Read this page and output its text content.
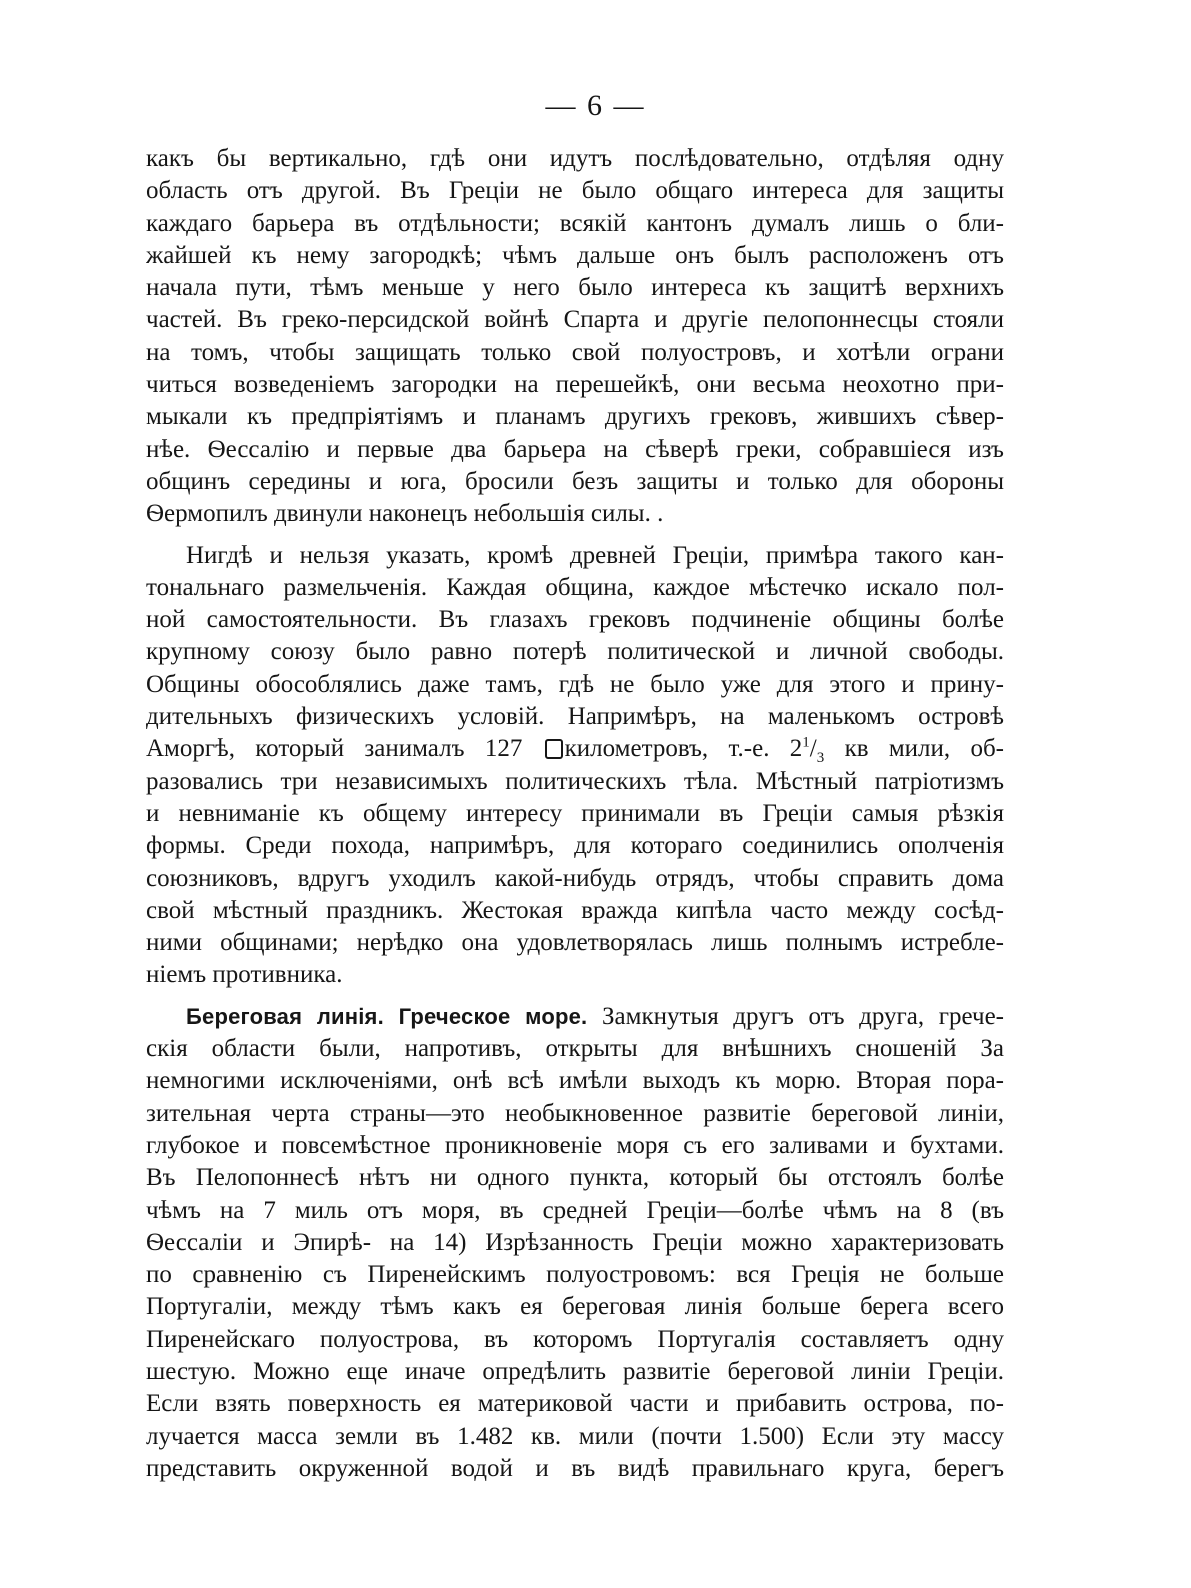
— 6 —
какъ бы вертикально, гдѣ они идутъ послѣдовательно, отдѣляя одну
область отъ другой. Въ Греціи не было общаго интереса для защиты
каждаго барьера въ отдѣльности; всякій кантонъ думалъ лишь о бли-
жайшей къ нему загородкѣ; чѣмъ дальше онъ былъ расположенъ отъ
начала пути, тѣмъ меньше у него было интереса къ защитѣ верхнихъ
частей. Въ греко-персидской войнѣ Спарта и другіе пелопоннесцы стояли
на томъ, чтобы защищать только свой полуостровъ, и хотѣли ограни
читься возведеніемъ загородки на перешейкѣ, они весьма неохотно при-
мыкали къ предпріятіямъ и планамъ другихъ грековъ, жившихъ сѣвер-
нѣе. Ѳессалію и первые два барьера на сѣверѣ греки, собравшіеся изъ
общинъ середины и юга, бросили безъ защиты и только для обороны
Ѳермопилъ двинули наконецъ небольшія силы. .
Нигдѣ и нельзя указать, кромѣ древней Греціи, примѣра такого кан-
тональнаго размельченія. Каждая община, каждое мѣстечко искало пол-
ной самостоятельности. Въ глазахъ грековъ подчиненіе общины болѣе
крупному союзу было равно потерѣ политической и личной свободы.
Общины обособлялись даже тамъ, гдѣ не было уже для этого и прину-
дительныхъ физическихъ условій. Напримѣръ, на маленькомъ островѣ
Аморгѣ, который занималъ 127 километровъ, т.-е. $2^1/_3$ кв мили, об-
разовались три независимыхъ политическихъ тѣла. Мѣстный патріотизмъ
и невниманіе къ общему интересу принимали въ Греціи самыя рѣзкія
формы. Среди похода, напримѣръ, для котораго соединились ополченія
союзниковъ, вдругъ уходилъ какой-нибудь отрядъ, чтобы справить дома
свой мѣстный праздникъ. Жестокая вражда кипѣла часто между сосѣд-
ними общинами; нерѣдко она удовлетворялась лишь полнымъ истребле-
ніемъ противника.
Береговая линія. Греческое море. Замкнутыя другъ отъ друга, грече-
скія области были, напротивъ, открыты для внѣшнихъ сношеній За
немногими исключеніями, онѣ всѣ имѣли выходъ къ морю. Вторая пора-
зительная черта страны—это необыкновенное развитіе береговой линіи,
глубокое и повсемѣстное проникновеніе моря съ его заливами и бухтами.
Въ Пелопоннесѣ нѣтъ ни одного пункта, который бы отстоялъ болѣе
чѣмъ на 7 миль отъ моря, въ средней Греціи—болѣе чѣмъ на 8 (въ
Ѳессаліи и Эпирѣ- на 14) Изрѣзанность Греціи можно характеризовать
по сравненію съ Пиренейскимъ полуостровомъ: вся Грецiя не больше
Португаліи, между тѣмъ какъ ея береговая линія больше берега всего
Пиренейскаго полуострова, въ которомъ Португалія составляетъ одну
шестую. Можно еще иначе опредѣлить развитіе береговой линіи Греціи.
Если взять поверхность ея материковой части и прибавить острова, по-
лучается масса земли въ 1.482 кв. мили (почти 1.500) Если эту массу
представить окруженной водой и въ видѣ правильнаго круга, берегъ
